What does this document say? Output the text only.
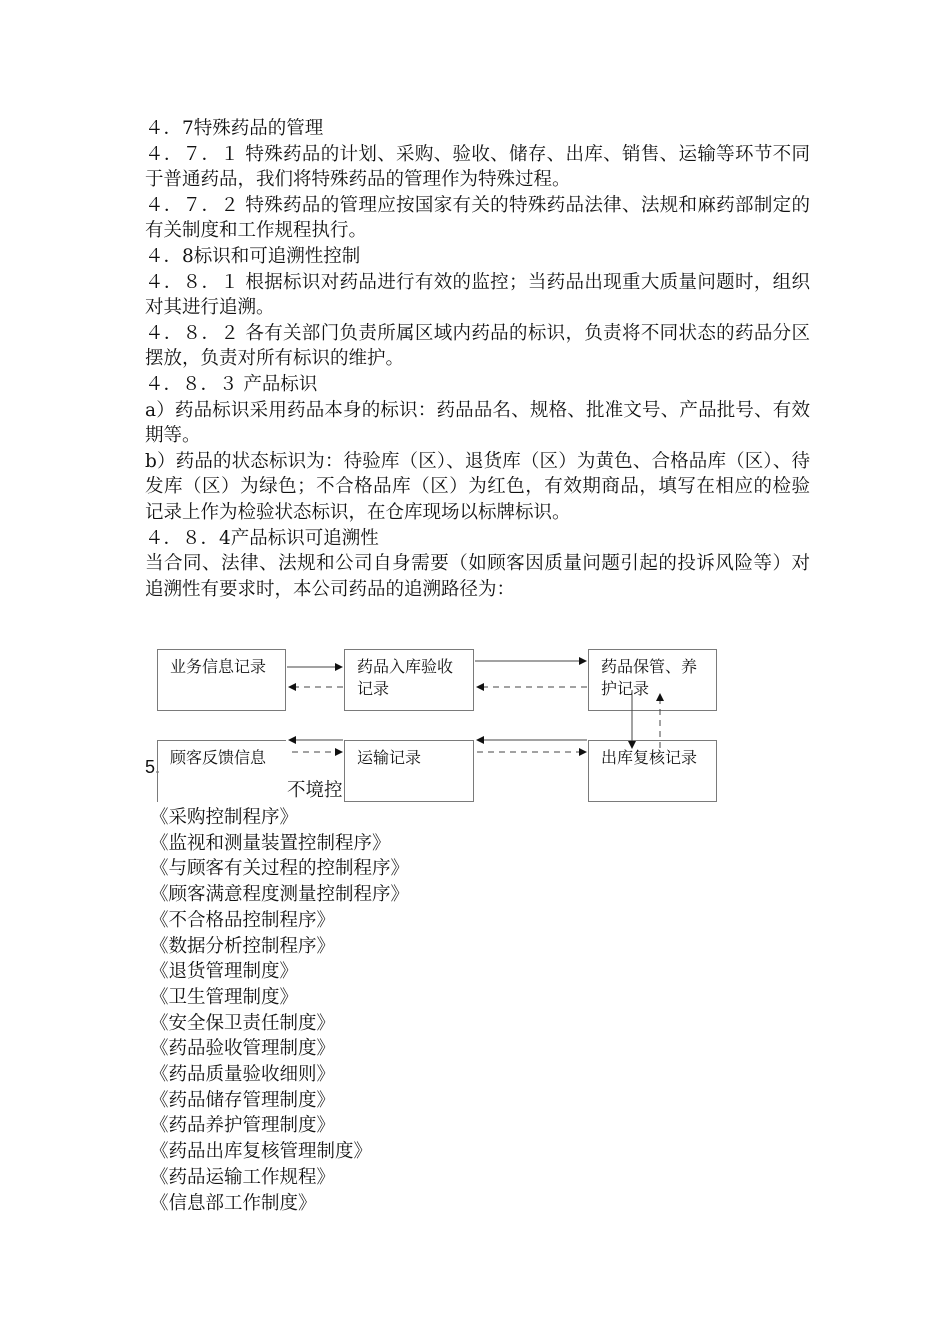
４．7特殊药品的管理

４．７．１ 特殊药品的计划、采购、验收、储存、出库、销售、运输等环节不同于普通药品，我们将特殊药品的管理作为特殊过程。

４．７．２ 特殊药品的管理应按国家有关的特殊药品法律、法规和麻药部制定的有关制度和工作规程执行。

４．8标识和可追溯性控制

４．８．１ 根据标识对药品进行有效的监控；当药品出现重大质量问题时，组织对其进行追溯。

４．８．２ 各有关部门负责所属区域内药品的标识，负责将不同状态的药品分区摆放，负责对所有标识的维护。

４．８．３ 产品标识

a）药品标识采用药品本身的标识：药品品名、规格、批准文号、产品批号、有效期等。

b）药品的状态标识为：待验库（区）、退货库（区）为黄色、合格品库（区）、待发库（区）为绿色；不合格品库（区）为红色，有效期商品，填写在相应的检验记录上作为检验状态标识，在仓库现场以标牌标识。

４．８．4产品标识可追溯性

当合同、法律、法规和公司自身需要（如顾客因质量问题引起的投诉风险等）对追溯性有要求时，本公司药品的追溯路径为：

5.
不境控
业务信息记录	药品入库验收记录
药品保管、养护记录
顾客反馈信息	运输记录	出库复核记录
《采购控制程序》
《监视和测量装置控制程序》
《与顾客有关过程的控制程序》
《顾客满意程度测量控制程序》
《不合格品控制程序》
《数据分析控制程序》
《退货管理制度》
《卫生管理制度》
《安全保卫责任制度》
《药品验收管理制度》
《药品质量验收细则》
《药品储存管理制度》
《药品养护管理制度》
《药品出库复核管理制度》
《药品运输工作规程》
《信息部工作制度》
